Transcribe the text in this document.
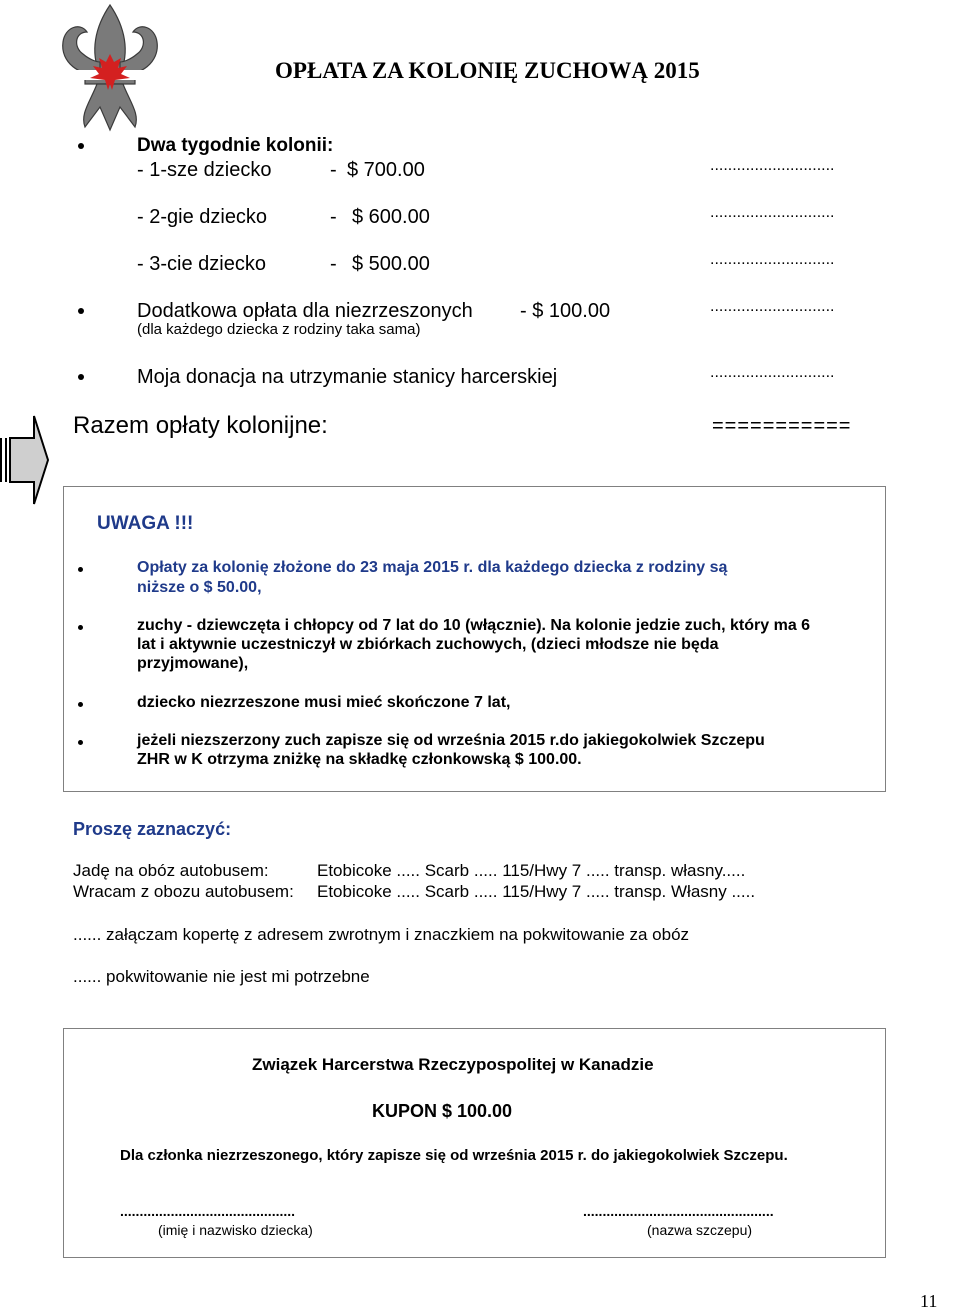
OPŁATA ZA KOLONIĘ ZUCHOWĄ 2015
Dwa tygodnie kolonii:
- 1-sze dziecko	- $ 700.00	............................
- 2-gie dziecko	- $ 600.00	............................
- 3-cie dziecko	- $ 500.00	............................
Dodatkowa opłata dla niezrzeszonych - $ 100.00	............................
(dla każdego dziecka z rodziny taka sama)
Moja donacja na utrzymanie stanicy harcerskiej	............................
Razem opłaty kolonijne:	===========
UWAGA !!!
Opłaty za kolonię złożone do 23 maja 2015 r. dla każdego dziecka z rodziny są
niższe o $ 50.00,
zuchy - dziewczęta i chłopcy od 7 lat do 10 (włącznie). Na kolonie jedzie zuch, który ma 6
lat i aktywnie uczestniczył w zbiórkach zuchowych, (dzieci młodsze nie będa
przyjmowane),
dziecko niezrzeszone musi mieć skończone 7 lat,
jeżeli niezszerzony zuch zapisze się od września 2015 r.do jakiegokolwiek Szczepu
ZHR w K otrzyma zniżkę na składkę członkowską $ 100.00.
Proszę zaznaczyć:
Jadę na obóz autobusem:	Etobicoke ..... Scarb ..... 115/Hwy 7 ..... transp. własny.....
Wracam z obozu autobusem: Etobicoke ..... Scarb ..... 115/Hwy 7 ..... transp. Własny .....
...... załączam kopertę z adresem zwrotnym i znaczkiem na pokwitowanie za obóz
...... pokwitowanie nie jest mi potrzebne
Związek Harcerstwa Rzeczypospolitej w Kanadzie
KUPON $ 100.00
Dla członka niezrzeszonego, który zapisze się od września 2015 r. do jakiegokolwiek Szczepu.
.............................................
(imię i nazwisko dziecka)
.................................................
(nazwa szczepu)
11
